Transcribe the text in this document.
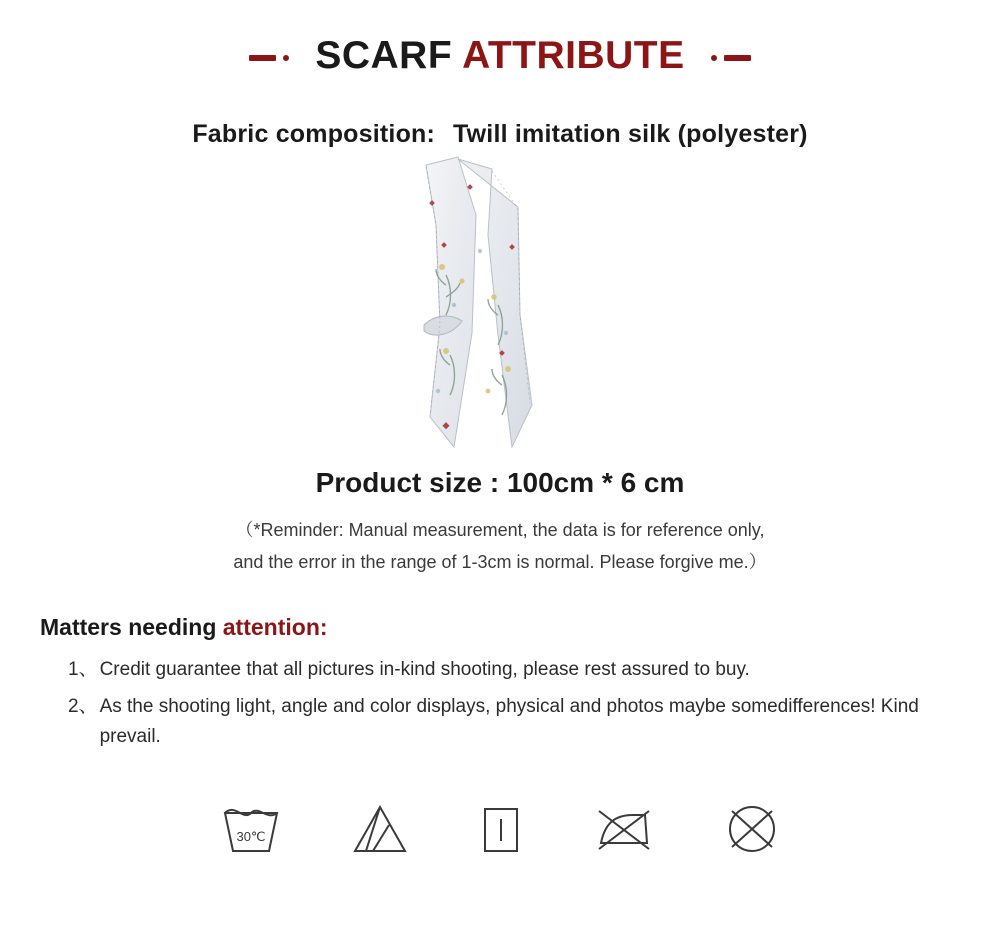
SCARF ATTRIBUTE
Fabric composition: Twill imitation silk (polyester)
Product size : 100cm * 6 cm
（*Reminder: Manual measurement, the data is for reference only,
and the error in the range of 1-3cm is normal. Please forgive me.）
Matters needing attention:
1、 Credit guarantee that all pictures in-kind shooting, please rest assured to buy.
2、 As the shooting light, angle and color displays, physical and photos maybe somedifferences! Kind prevail.
30℃
